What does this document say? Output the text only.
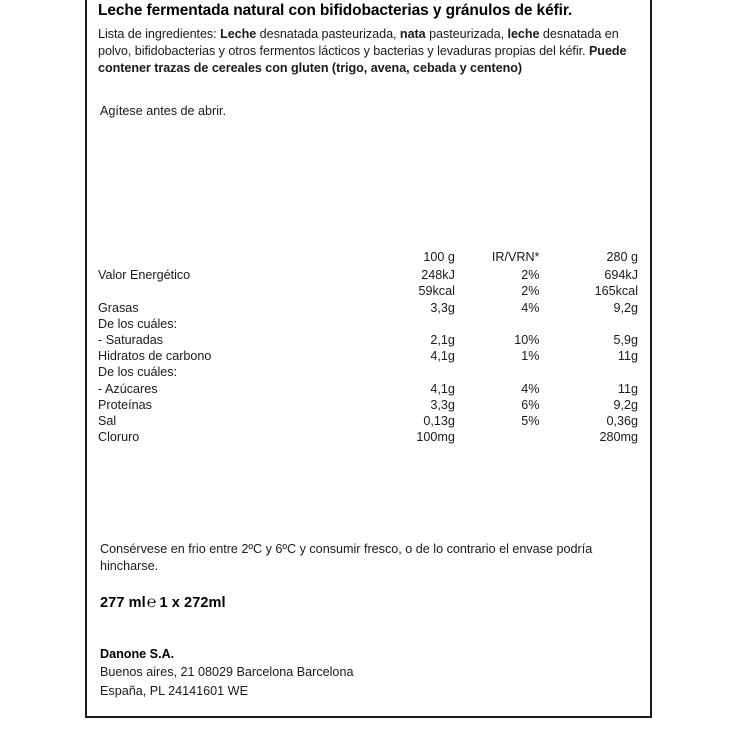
Leche fermentada natural con bifidobacterias y gránulos de kéfir.

Lista de ingredientes: Leche desnatada pasteurizada, nata pasteurizada, leche desnatada en polvo, bifidobacterias y otros fermentos lácticos y bacterias y levaduras propias del kéfir. Puede contener trazas de cereales con gluten (trigo, avena, cebada y centeno)

Agítese antes de abrir.
	100 g	IR/VRN*	280 g
Valor Energético	248kJ	2%	694kJ
	59kcal	2%	165kcal
Grasas	3,3g	4%	9,2g
De los cuáles:			
- Saturadas	2,1g	10%	5,9g
Hidratos de carbono	4,1g	1%	11g
De los cuáles:			
- Azúcares	4,1g	4%	11g
Proteínas	3,3g	6%	9,2g
Sal	0,13g	5%	0,36g
Cloruro	100mg		280mg
Consérvese en frio entre 2ºC y 6ºC y consumir fresco, o de lo contrario el envase podría hincharse.
277 ml℮ 1 x 272ml
Danone S.A.
Buenos aires, 21 08029 Barcelona Barcelona
España, PL 24141601 WE
